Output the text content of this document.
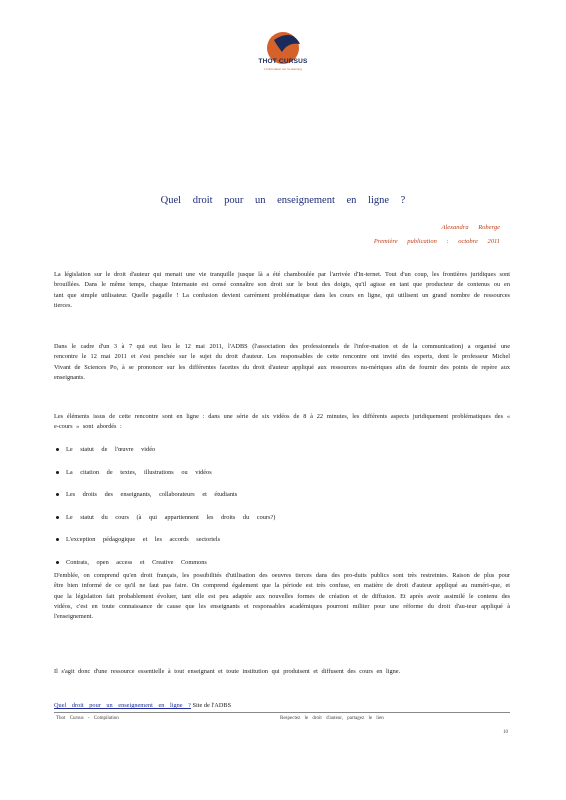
THOT CURSUS
L'information sur l'e-learning
Quel droit pour un enseignement en ligne ?
Alexandra Roberge
Première publication : octobre 2011
La législation sur le droit d'auteur qui menait une vie tranquille jusque là a été chamboulée par l'arrivée d'In-ternet. Tout d'un coup, les frontières juridiques sont brouillées. Dans le même temps, chaque Internaute est censé connaître son droit sur le bout des doigts, qu'il agisse en tant que producteur de contenus ou en tant que simple utilisateur. Quelle pagaille ! La confusion devient carrément problématique dans les cours en ligne, qui utilisent un grand nombre de ressources tierces.
Dans le cadre d'un 3 à 7 qui eut lieu le 12 mai 2011, l'ADBS (l'association des professionnels de l'infor-mation et de la communication) a organisé une rencontre le 12 mai 2011 et s'est penchée sur le sujet du droit d'auteur. Les responsables de cette rencontre ont invité des experts, dont le professeur Michel Vivant de Sciences Po, à se prononcer sur les différentes facettes du droit d'auteur appliqué aux ressources nu-mériques afin de fournir des points de repère aux enseignants.
Les éléments issus de cette rencontre sont en ligne : dans une série de six vidéos de 8 à 22 minutes, les différents aspects juridiquement problématiques des « e-cours » sont abordés :
Le statut de l'œuvre vidéo
La citation de textes, illustrations ou vidéos
Les droits des enseignants, collaborateurs et étudiants
Le statut du cours (à qui appartiennent les droits du cours?)
L'exception pédagogique et les accords sectoriels
Contrats, open access et Creative Commons
D'emblée, on comprend qu'en droit français, les possibilités d'utilisation des oeuvres tierces dans des pro-duits publics sont très restreintes. Raison de plus pour être bien informé de ce qu'il ne faut pas faire. On comprend également que la période est très confuse, en matière de droit d'auteur appliqué au numéri-que, et que la législation fait probablement évoluer, tant elle est peu adaptée aux nouvelles formes de création et de diffusion. Et après avoir assimilé le contenu des vidéos, c'est en toute connaissance de cause que les enseignants et responsables académiques pourront militer pour une réforme du droit d'au-teur appliqué à l'enseignement.
Il s'agit donc d'une ressource essentielle à tout enseignant et toute institution qui produisent et diffusent des cours en ligne.
Quel droit pour un enseignement en ligne ? Site de l'ADBS
Thot Cursus - Compilation	Respectez le droit d'auteur, partagez le lien
10
